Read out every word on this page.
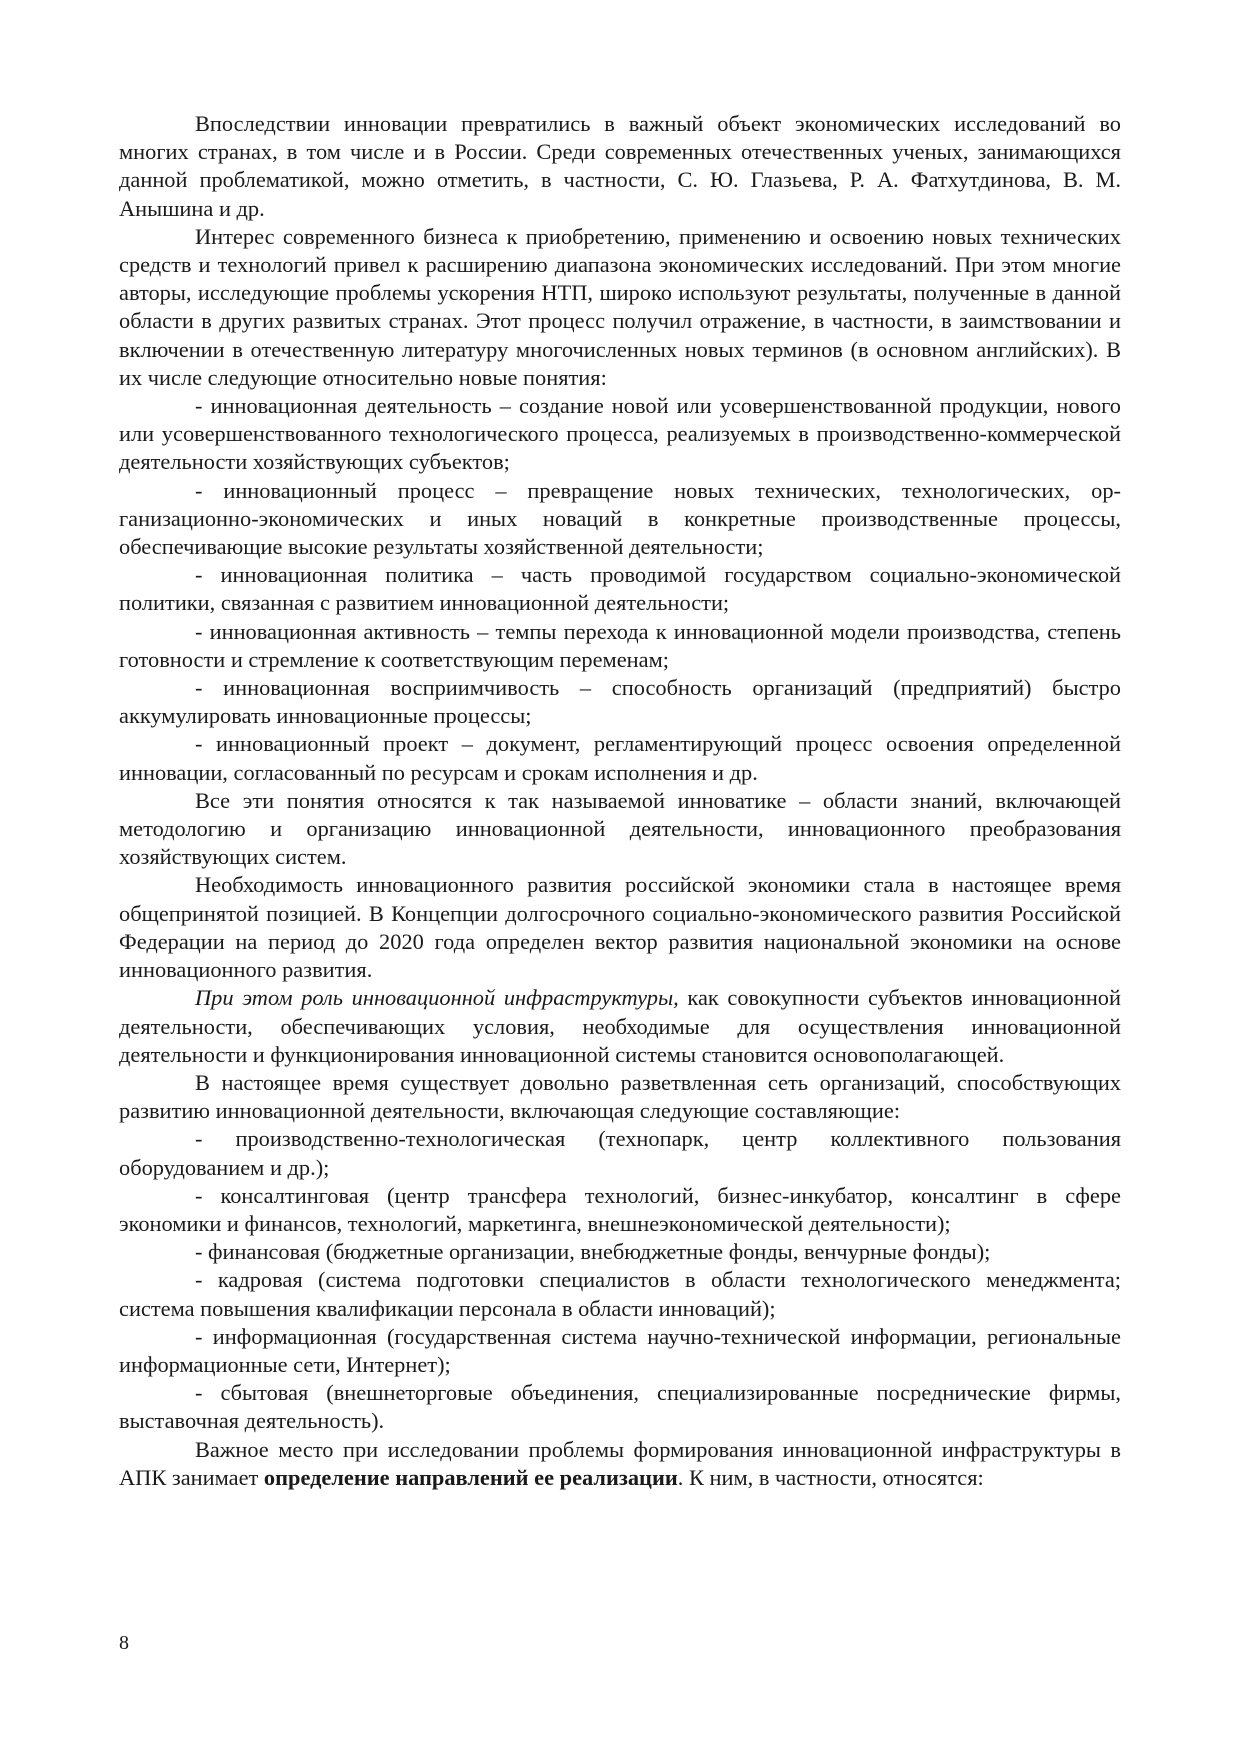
Впоследствии инновации превратились в важный объект экономических исследований во многих странах, в том числе и в России. Среди современных отечественных ученых, занимающихся данной проблематикой, можно отметить, в частности, С. Ю. Глазьева, Р. А. Фатхутдинова, В. М. Анышина и др.

Интерес современного бизнеса к приобретению, применению и освоению новых технических средств и технологий привел к расширению диапазона экономических исследований. При этом многие авторы, исследующие проблемы ускорения НТП, широко используют результаты, полученные в данной области в других развитых странах. Этот процесс получил отражение, в частности, в заимствовании и включении в отечественную литературу многочисленных новых терминов (в основном английских). В их числе следующие относительно новые понятия:

- инновационная деятельность – создание новой или усовершенствованной продукции, нового или усовершенствованного технологического процесса, реализуемых в производственно-коммерческой деятельности хозяйствующих субъектов;

- инновационный процесс – превращение новых технических, технологических, организационно-экономических и иных новаций в конкретные производственные процессы, обеспечивающие высокие результаты хозяйственной деятельности;

- инновационная политика – часть проводимой государством социально-экономической политики, связанная с развитием инновационной деятельности;

- инновационная активность – темпы перехода к инновационной модели производства, степень готовности и стремление к соответствующим переменам;

- инновационная восприимчивость – способность организаций (предприятий) быстро аккумулировать инновационные процессы;

- инновационный проект – документ, регламентирующий процесс освоения определенной инновации, согласованный по ресурсам и срокам исполнения и др.

Все эти понятия относятся к так называемой инноватике – области знаний, включающей методологию и организацию инновационной деятельности, инновационного преобразования хозяйствующих систем.

Необходимость инновационного развития российской экономики стала в настоящее время общепринятой позицией. В Концепции долгосрочного социально-экономического развития Российской Федерации на период до 2020 года определен вектор развития национальной экономики на основе инновационного развития.

При этом роль инновационной инфраструктуры, как совокупности субъектов инновационной деятельности, обеспечивающих условия, необходимые для осуществления инновационной деятельности и функционирования инновационной системы становится основополагающей.

В настоящее время существует довольно разветвленная сеть организаций, способствующих развитию инновационной деятельности, включающая следующие составляющие:

- производственно-технологическая (технопарк, центр коллективного пользования оборудованием и др.);

- консалтинговая (центр трансфера технологий, бизнес-инкубатор, консалтинг в сфере экономики и финансов, технологий, маркетинга, внешнеэкономической деятельности);

- финансовая (бюджетные организации, внебюджетные фонды, венчурные фонды);

- кадровая (система подготовки специалистов в области технологического менеджмента; система повышения квалификации персонала в области инноваций);

- информационная (государственная система научно-технической информации, региональные информационные сети, Интернет);

- сбытовая (внешнеторговые объединения, специализированные посреднические фирмы, выставочная деятельность).

Важное место при исследовании проблемы формирования инновационной инфраструктуры в АПК занимает определение направлений ее реализации. К ним, в частности, относятся:

8
